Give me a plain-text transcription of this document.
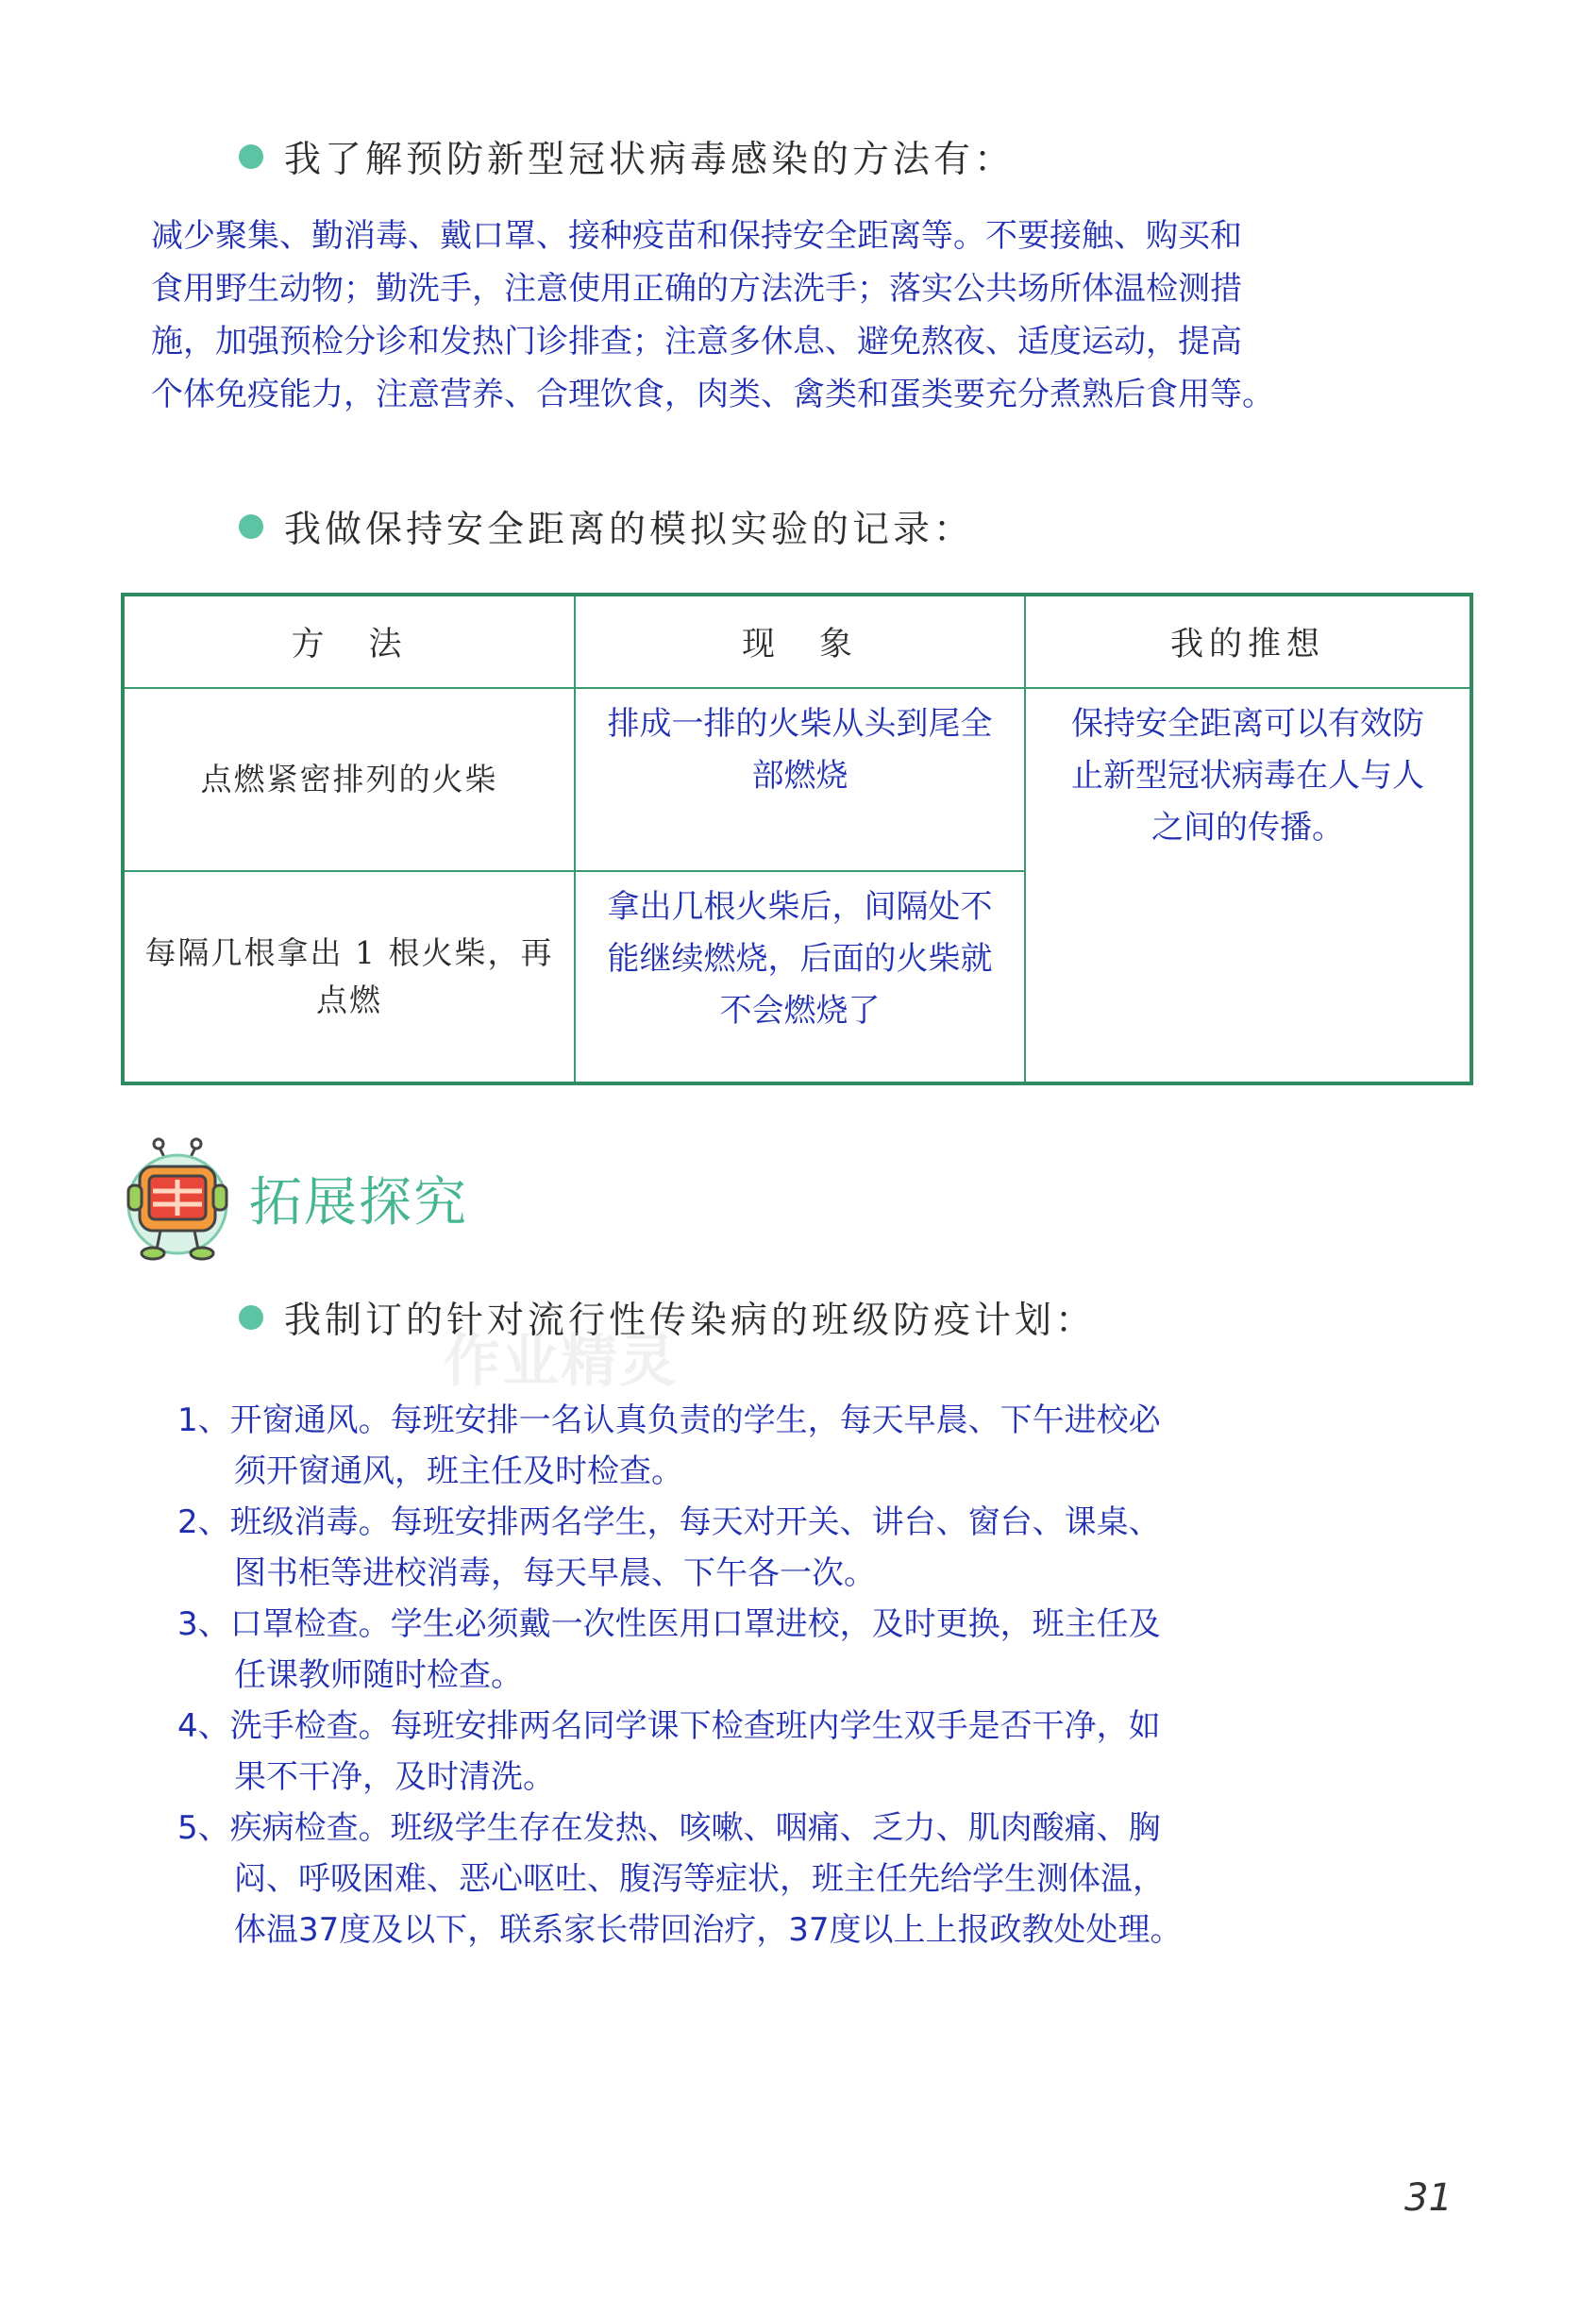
我了解预防新型冠状病毒感染的方法有：

减少聚集、勤消毒、戴口罩、接种疫苗和保持安全距离等。不要接触、购买和

食用野生动物；勤洗手，注意使用正确的方法洗手；落实公共场所体温检测措

施，加强预检分诊和发热门诊排查；注意多休息、避免熬夜、适度运动，提高

个体免疫能力，注意营养、合理饮食，肉类、禽类和蛋类要充分煮熟后食用等。

我做保持安全距离的模拟实验的记录：
方　法	现　象	我的推想
点燃紧密排列的火柴
排成一排的火柴从头到尾全部燃烧
每隔几根拿出 1 根火柴，再点燃
拿出几根火柴后，间隔处不能继续燃烧，后面的火柴就不会燃烧了
保持安全距离可以有效防止新型冠状病毒在人与人之间的传播。
拓展探究
我制订的针对流行性传染病的班级防疫计划：
作业精灵

1、开窗通风。每班安排一名认真负责的学生，每天早晨、下午进校必

须开窗通风，班主任及时检查。

2、班级消毒。每班安排两名学生，每天对开关、讲台、窗台、课桌、

图书柜等进校消毒，每天早晨、下午各一次。

3、口罩检查。学生必须戴一次性医用口罩进校，及时更换，班主任及

任课教师随时检查。

4、洗手检查。每班安排两名同学课下检查班内学生双手是否干净，如

果不干净，及时清洗。

5、疾病检查。班级学生存在发热、咳嗽、咽痛、乏力、肌肉酸痛、胸

闷、呼吸困难、恶心呕吐、腹泻等症状，班主任先给学生测体温，

体温37度及以下，联系家长带回治疗，37度以上上报政教处处理。

31
